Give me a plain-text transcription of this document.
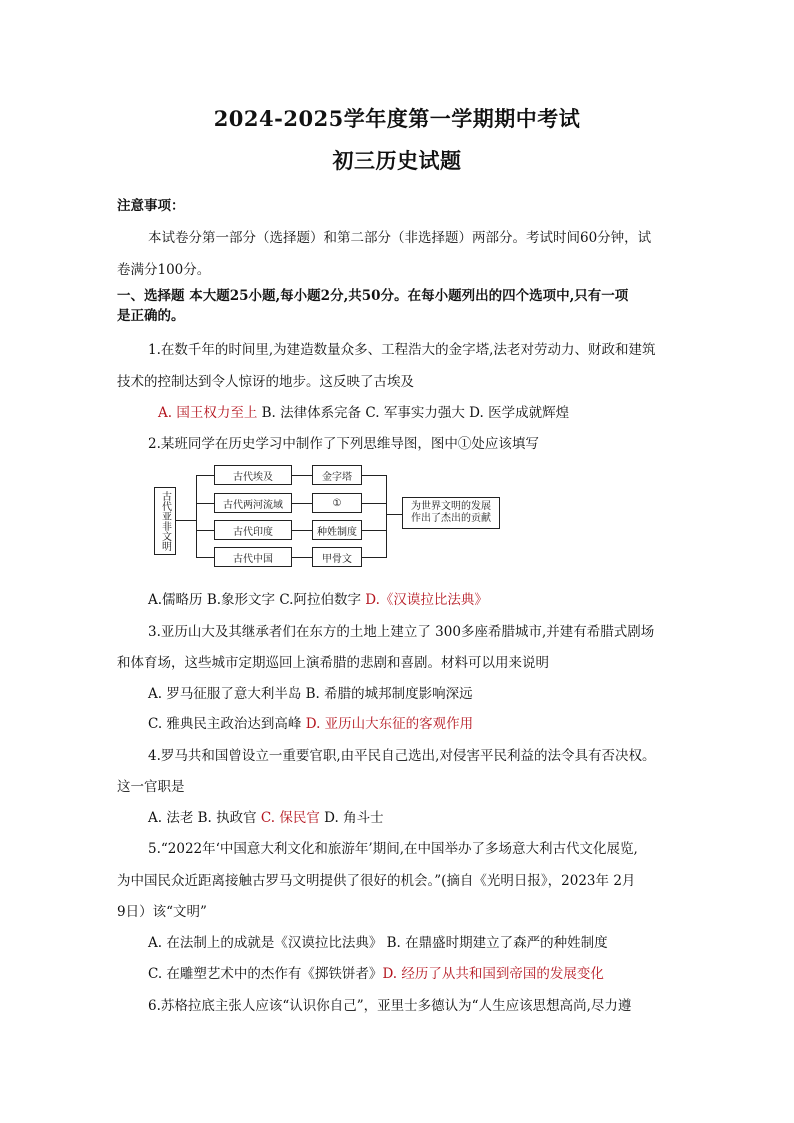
2024-2025学年度第一学期期中考试
初三历史试题
注意事项：
本试卷分第一部分（选择题）和第二部分（非选择题）两部分。考试时间60分钟，试
卷满分100分。
一、选择题 本大题25小题,每小题2分,共50分。在每小题列出的四个选项中,只有一项
是正确的。
1.在数千年的时间里,为建造数量众多、工程浩大的金字塔,法老对劳动力、财政和建筑
技术的控制达到令人惊讶的地步。这反映了古埃及
A. 国王权力至上 B. 法律体系完备 C. 军事实力强大 D. 医学成就辉煌
2.某班同学在历史学习中制作了下列思维导图，图中①处应该填写
古代亚非文明
古代埃及
古代两河流域
古代印度
古代中国
金字塔
①
种姓制度
甲骨文
为世界文明的发展作出了杰出的贡献
A.儒略历 B.象形文字 C.阿拉伯数字 D.《汉谟拉比法典》
3.亚历山大及其继承者们在东方的土地上建立了 300多座希腊城市,并建有希腊式剧场
和体育场，这些城市定期巡回上演希腊的悲剧和喜剧。材料可以用来说明
A. 罗马征服了意大利半岛 B. 希腊的城邦制度影响深远
C. 雅典民主政治达到高峰 D. 亚历山大东征的客观作用
4.罗马共和国曾设立一重要官职,由平民自己选出,对侵害平民利益的法令具有否决权。
这一官职是
A. 法老 B. 执政官 C. 保民官 D. 角斗士
5.“2022年‘中国意大利文化和旅游年’期间,在中国举办了多场意大利古代文化展览,
为中国民众近距离接触古罗马文明提供了很好的机会。”(摘自《光明日报》，2023年 2月
9日）该“文明”
A. 在法制上的成就是《汉谟拉比法典》 B. 在鼎盛时期建立了森严的种姓制度
C. 在雕塑艺术中的杰作有《掷铁饼者》D. 经历了从共和国到帝国的发展变化
6.苏格拉底主张人应该“认识你自己”，亚里士多德认为“人生应该思想高尚,尽力遵
